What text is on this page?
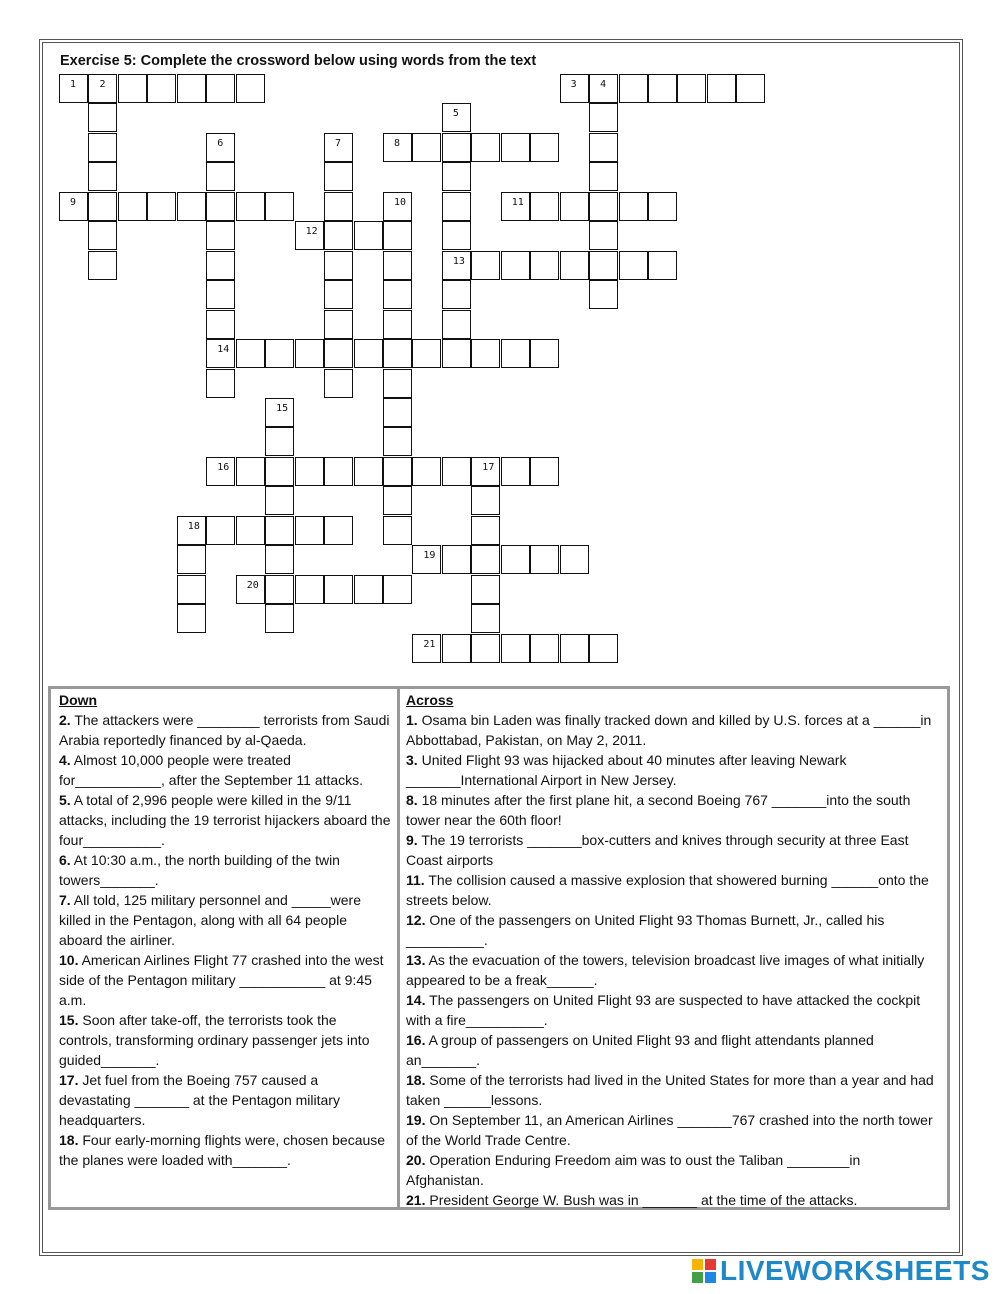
Exercise 5: Complete the crossword below using words from the text
1 2	3 4
5
6	7	8
9	10	11
12
13
14
15
16	17
18
19
20
21
Down

2. The attackers were ________ terrorists from Saudi Arabia reportedly financed by al-Qaeda.

4. Almost 10,000 people were treated for___________, after the September 11 attacks.

5. A total of 2,996 people were killed in the 9/11 attacks, including the 19 terrorist hijackers aboard the four__________.

6. At 10:30 a.m., the north building of the twin towers_______.

7. All told, 125 military personnel and _____were killed in the Pentagon, along with all 64 people aboard the airliner.

10. American Airlines Flight 77 crashed into the west side of the Pentagon military ___________ at 9:45 a.m.

15. Soon after take-off, the terrorists took the controls, transforming ordinary passenger jets into guided_______.

17. Jet fuel from the Boeing 757 caused a devastating _______ at the Pentagon military headquarters.

18. Four early-morning flights were, chosen because the planes were loaded with_______.

Across

1. Osama bin Laden was finally tracked down and killed by U.S. forces at a ______in Abbottabad, Pakistan, on May 2, 2011.

3. United Flight 93 was hijacked about 40 minutes after leaving Newark _______International Airport in New Jersey.

8. 18 minutes after the first plane hit, a second Boeing 767 _______into the south tower near the 60th floor!

9. The 19 terrorists _______box-cutters and knives through security at three East Coast airports

11. The collision caused a massive explosion that showered burning ______onto the streets below.

12. One of the passengers on United Flight 93 Thomas Burnett, Jr., called his __________.

13. As the evacuation of the towers, television broadcast live images of what initially appeared to be a freak______.

14. The passengers on United Flight 93 are suspected to have attacked the cockpit with a fire__________.

16. A group of passengers on United Flight 93 and flight attendants planned an_______.

18. Some of the terrorists had lived in the United States for more than a year and had taken ______lessons.

19. On September 11, an American Airlines _______767 crashed into the north tower of the World Trade Centre.

20. Operation Enduring Freedom aim was to oust the Taliban ________in Afghanistan.

21. President George W. Bush was in _______ at the time of the attacks.

LIVEWORKSHEETS
